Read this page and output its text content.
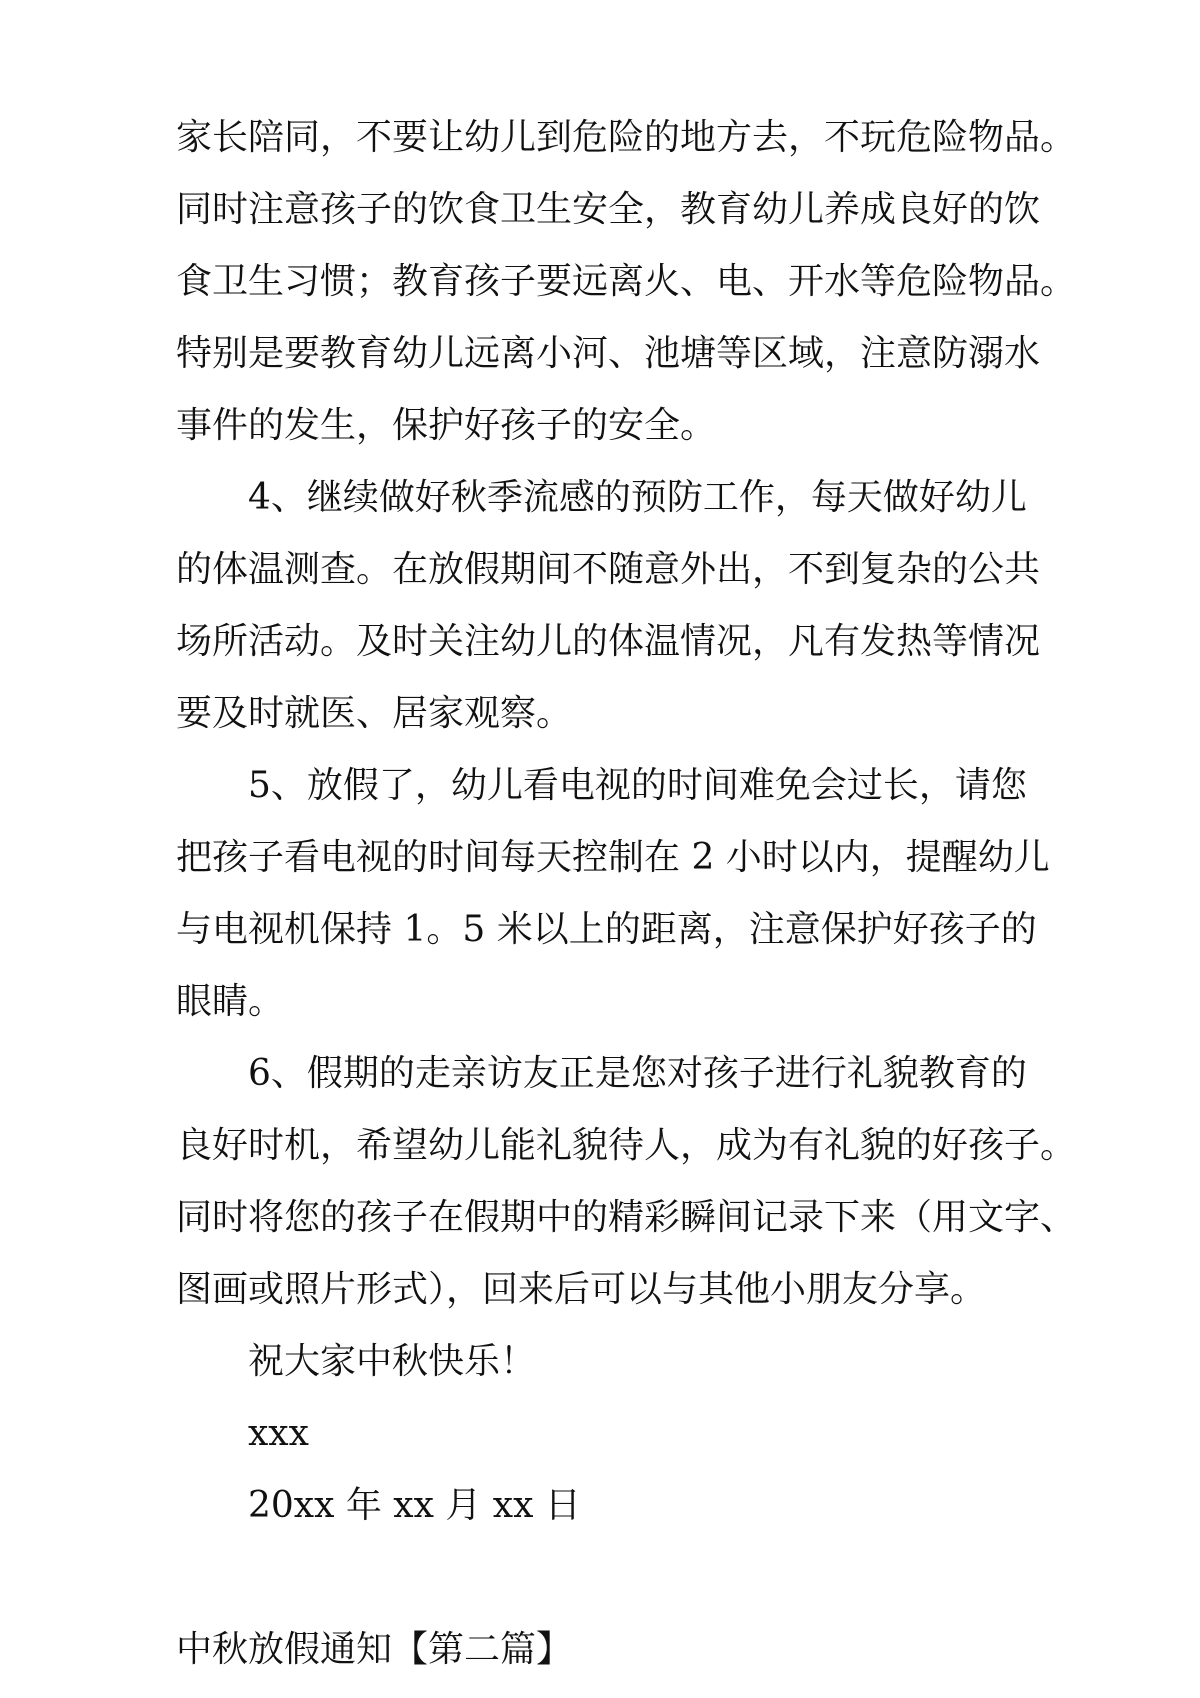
家长陪同，不要让幼儿到危险的地方去，不玩危险物品。
同时注意孩子的饮食卫生安全，教育幼儿养成良好的饮
食卫生习惯；教育孩子要远离火、电、开水等危险物品。
特别是要教育幼儿远离小河、池塘等区域，注意防溺水
事件的发生，保护好孩子的安全。
4、继续做好秋季流感的预防工作，每天做好幼儿
的体温测查。在放假期间不随意外出，不到复杂的公共
场所活动。及时关注幼儿的体温情况，凡有发热等情况
要及时就医、居家观察。
5、放假了，幼儿看电视的时间难免会过长，请您
把孩子看电视的时间每天控制在 2 小时以内，提醒幼儿
与电视机保持 1。5 米以上的距离，注意保护好孩子的
眼睛。
6、假期的走亲访友正是您对孩子进行礼貌教育的
良好时机，希望幼儿能礼貌待人，成为有礼貌的好孩子。
同时将您的孩子在假期中的精彩瞬间记录下来（用文字、
图画或照片形式），回来后可以与其他小朋友分享。
祝大家中秋快乐！
xxx
20xx 年 xx 月 xx 日
中秋放假通知【第二篇】
